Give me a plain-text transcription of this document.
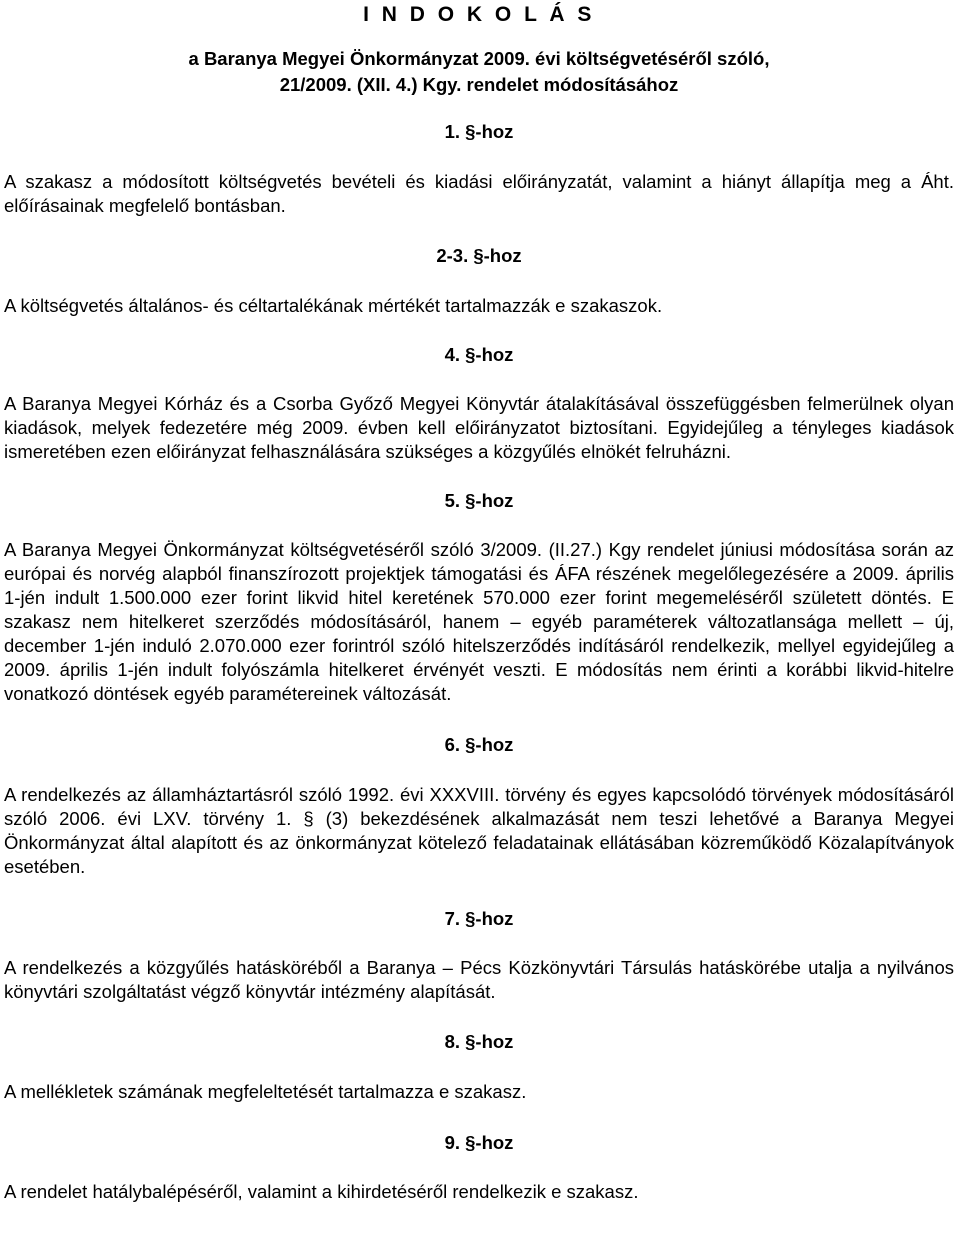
I N D O K O L Á S
a Baranya Megyei Önkormányzat 2009. évi költségvetéséről szóló,
21/2009. (XII. 4.) Kgy. rendelet módosításához
1. §-hoz

A szakasz a módosított költségvetés bevételi és kiadási előirányzatát, valamint a hiányt állapítja meg a Áht. előírásainak megfelelő bontásban.

2-3. §-hoz

A költségvetés általános- és céltartalékának mértékét tartalmazzák e szakaszok.

4. §-hoz

A Baranya Megyei Kórház és a Csorba Győző Megyei Könyvtár átalakításával összefüggésben felmerülnek olyan kiadások, melyek fedezetére még 2009. évben kell előirányzatot biztosítani. Egyidejűleg a tényleges kiadások ismeretében ezen előirányzat felhasználására szükséges a közgyűlés elnökét felruházni.

5. §-hoz

A Baranya Megyei Önkormányzat költségvetéséről szóló 3/2009. (II.27.) Kgy rendelet júniusi módosítása során az európai és norvég alapból finanszírozott projektjek támogatási és ÁFA részének megelőlegezésére a 2009. április 1-jén indult 1.500.000 ezer forint likvid hitel keretének 570.000 ezer forint megemeléséről született döntés. E szakasz nem hitelkeret szerződés módosításáról, hanem – egyéb paraméterek változatlansága mellett – új, december 1-jén induló 2.070.000 ezer forintról szóló hitelszerződés indításáról rendelkezik, mellyel egyidejűleg a 2009. április 1-jén indult folyószámla hitelkeret érvényét veszti. E módosítás nem érinti a korábbi likvid-hitelre vonatkozó döntések egyéb paramétereinek változását.

6. §-hoz

A rendelkezés az államháztartásról szóló 1992. évi XXXVIII. törvény és egyes kapcsolódó törvények módosításáról szóló 2006. évi LXV. törvény 1. § (3) bekezdésének alkalmazását nem teszi lehetővé a Baranya Megyei Önkormányzat által alapított és az önkormányzat kötelező feladatainak ellátásában közreműködő Közalapítványok esetében.

7. §-hoz

A rendelkezés a közgyűlés hatásköréből a Baranya – Pécs Közkönyvtári Társulás hatáskörébe utalja a nyilvános könyvtári szolgáltatást végző könyvtár intézmény alapítását.

8. §-hoz

A mellékletek számának megfeleltetését tartalmazza e szakasz.

9. §-hoz

A rendelet hatálybalépéséről, valamint a kihirdetéséről rendelkezik e szakasz.
